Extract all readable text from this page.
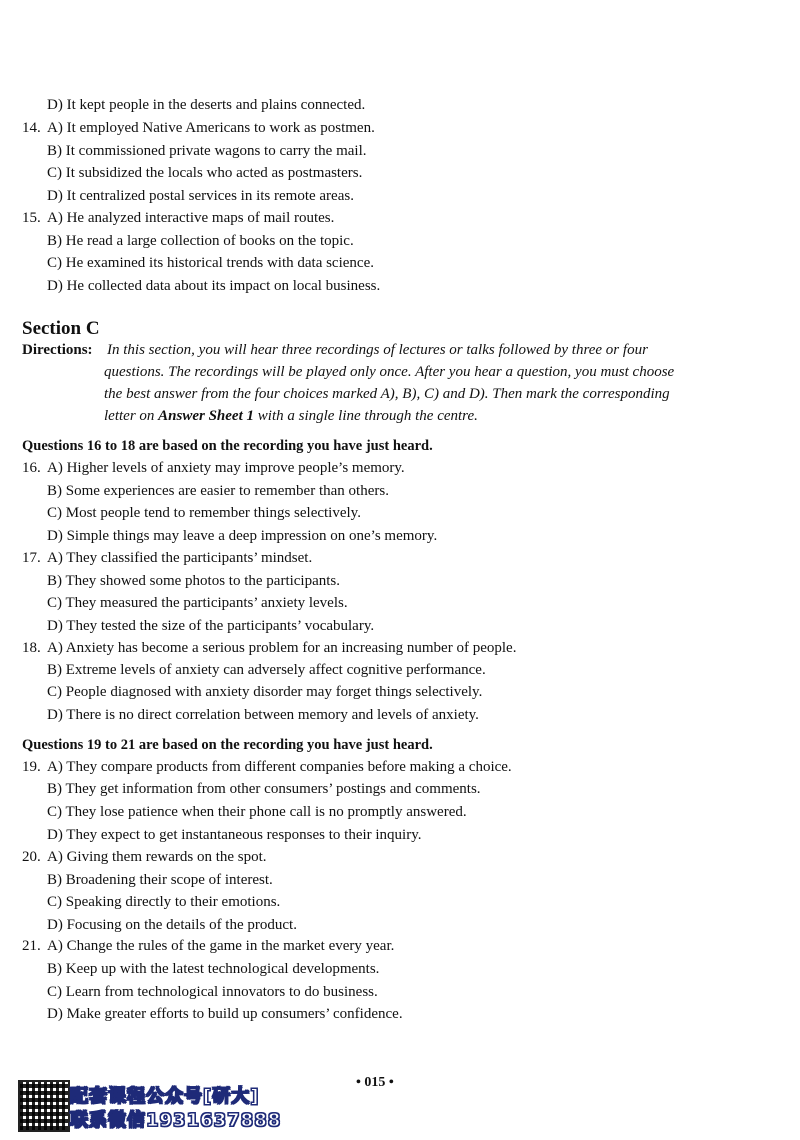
D) It kept people in the deserts and plains connected.
14. A) It employed Native Americans to work as postmen.
B) It commissioned private wagons to carry the mail.
C) It subsidized the locals who acted as postmasters.
D) It centralized postal services in its remote areas.
15. A) He analyzed interactive maps of mail routes.
B) He read a large collection of books on the topic.
C) He examined its historical trends with data science.
D) He collected data about its impact on local business.
Section C
Directions: In this section, you will hear three recordings of lectures or talks followed by three or four
questions. The recordings will be played only once. After you hear a question, you must choose
the best answer from the four choices marked A), B), C) and D). Then mark the corresponding
letter on Answer Sheet 1 with a single line through the centre.
Questions 16 to 18 are based on the recording you have just heard.
16. A) Higher levels of anxiety may improve people’s memory.
B) Some experiences are easier to remember than others.
C) Most people tend to remember things selectively.
D) Simple things may leave a deep impression on one’s memory.
17. A) They classified the participants’ mindset.
B) They showed some photos to the participants.
C) They measured the participants’ anxiety levels.
D) They tested the size of the participants’ vocabulary.
18. A) Anxiety has become a serious problem for an increasing number of people.
B) Extreme levels of anxiety can adversely affect cognitive performance.
C) People diagnosed with anxiety disorder may forget things selectively.
D) There is no direct correlation between memory and levels of anxiety.
Questions 19 to 21 are based on the recording you have just heard.
19. A) They compare products from different companies before making a choice.
B) They get information from other consumers’ postings and comments.
C) They lose patience when their phone call is no promptly answered.
D) They expect to get instantaneous responses to their inquiry.
20. A) Giving them rewards on the spot.
B) Broadening their scope of interest.
C) Speaking directly to their emotions.
D) Focusing on the details of the product.
21. A) Change the rules of the game in the market every year.
B) Keep up with the latest technological developments.
C) Learn from technological innovators to do business.
D) Make greater efforts to build up consumers’ confidence.
• 015 •
配套课程公众号[研大]
联系微信1931637888
